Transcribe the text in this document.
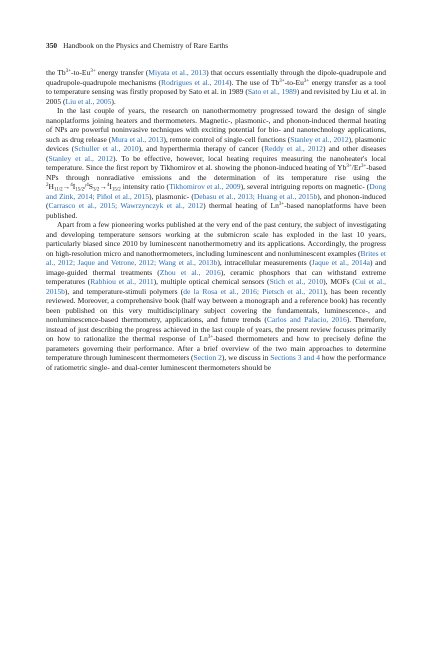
350 Handbook on the Physics and Chemistry of Rare Earths

the $Tb^{3+}-to-Eu^{3+}$ energy transfer (Miyata et al., 2013) that occurs essentially through the dipole-quadrupole and quadrupole-quadrupole mechanisms (Rodrigues et al., 2014). The use of $Tb^{3+}-to-Eu^{3+}$ energy transfer as a tool to temperature sensing was firstly proposed by Sato et al. in 1989 (Sato et al., 1989) and revisited by Liu et al. in 2005 (Liu et al., 2005).

In the last couple of years, the research on nanothermometry progressed toward the design of single nanoplatforms joining heaters and thermometers. Magnetic-, plasmonic-, and phonon-induced thermal heating of NPs are powerful noninvasive techniques with exciting potential for bio- and nanotechnology applications, such as drug release (Mura et al., 2013), remote control of single-cell functions (Stanley et al., 2012), plasmonic devices (Schuller et al., 2010), and hyperthermia therapy of cancer (Reddy et al., 2012) and other diseases (Stanley et al., 2012). To be effective, however, local heating requires measuring the nanoheater's local temperature. Since the first report by Tikhomirov et al. showing the phonon-induced heating of $Yb^{3+}/Er^{3+}$-based NPs through nonradiative emissions and the determination of its temperature rise using the $^2H_{11/2}\to^4I_{15/2}/^4S_{3/2}\to^4I_{15/2}$ intensity ratio (Tikhomirov et al., 2009), several intriguing reports on magnetic- (Dong and Zink, 2014; Piñol et al., 2015), plasmonic- (Debasu et al., 2013; Huang et al., 2015b), and phonon-induced (Carrasco et al., 2015; Wawrzynczyk et al., 2012) thermal heating of $Ln^{3+}$-based nanoplatforms have been published.

Apart from a few pioneering works published at the very end of the past century, the subject of investigating and developing temperature sensors working at the submicron scale has exploded in the last 10 years, particularly biased since 2010 by luminescent nanothermometry and its applications. Accordingly, the progress on high-resolution micro and nanothermometers, including luminescent and nonluminescent examples (Brites et al., 2012; Jaque and Vetrone, 2012; Wang et al., 2013b), intracellular measurements (Jaque et al., 2014a) and image-guided thermal treatments (Zhou et al., 2016), ceramic phosphors that can withstand extreme temperatures (Rabhiou et al., 2011), multiple optical chemical sensors (Stich et al., 2010), MOFs (Cui et al., 2015b), and temperature-stimuli polymers (de la Rosa et al., 2016; Pietsch et al., 2011), has been recently reviewed. Moreover, a comprehensive book (half way between a monograph and a reference book) has recently been published on this very multidisciplinary subject covering the fundamentals, luminescence-, and nonluminescence-based thermometry, applications, and future trends (Carlos and Palacio, 2016). Therefore, instead of just describing the progress achieved in the last couple of years, the present review focuses primarily on how to rationalize the thermal response of $Ln^{3+}$-based thermometers and how to precisely define the parameters governing their performance. After a brief overview of the two main approaches to determine temperature through luminescent thermometers (Section 2), we discuss in Sections 3 and 4 how the performance of ratiometric single- and dual-center luminescent thermometers should be
